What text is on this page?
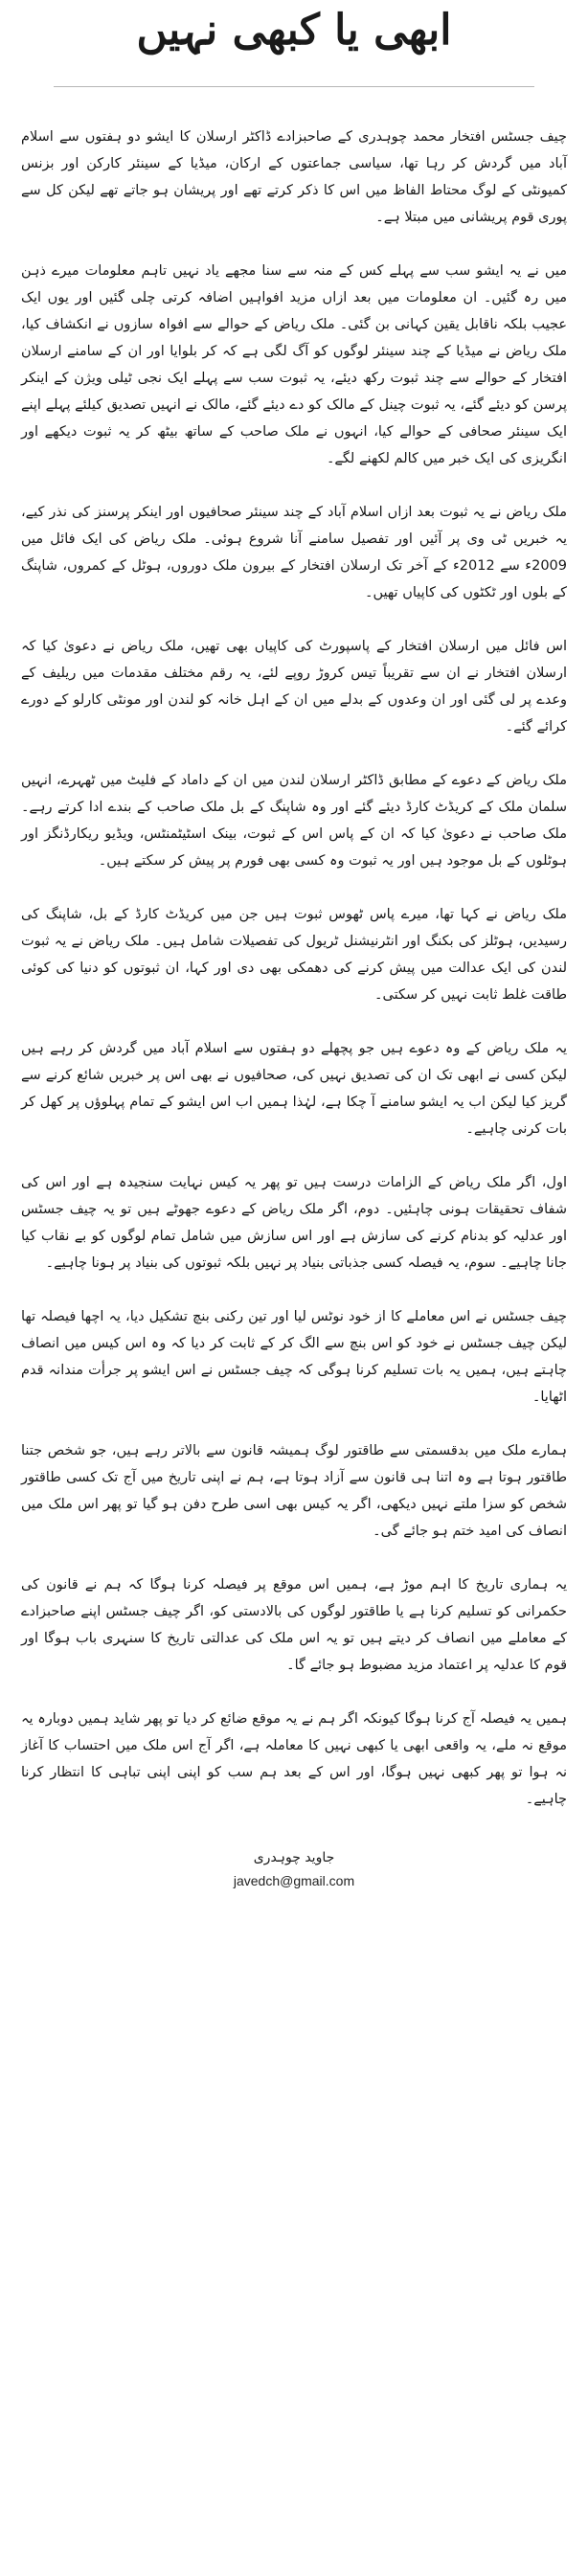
ابھی یا کبھی نہیں

چیف جسٹس افتخار محمد چوہدری کے صاحبزادے ڈاکٹر ارسلان کا ایشو دو ہفتوں سے اسلام آباد میں گردش کر رہا تھا، سیاسی جماعتوں کے ارکان، میڈیا کے سینئر کارکن اور بزنس کمیونٹی کے لوگ محتاط الفاظ میں اس کا ذکر کرتے تھے اور پریشان ہو جاتے تھے لیکن کل سے پوری قوم پریشانی میں مبتلا ہے۔

میں نے یہ ایشو سب سے پہلے کس کے منہ سے سنا مجھے یاد نہیں تاہم معلومات میرے ذہن میں رہ گئیں۔ ان معلومات میں بعد ازاں مزید افواہیں اضافہ کرتی چلی گئیں اور یوں ایک عجیب بلکہ ناقابل یقین کہانی بن گئی۔ ملک ریاض کے حوالے سے افواہ سازوں نے انکشاف کیا، ملک ریاض نے میڈیا کے چند سینئر لوگوں کو آگ لگی ہے کہ کر بلوایا اور ان کے سامنے ارسلان افتخار کے حوالے سے چند ثبوت رکھ دیئے، یہ ثبوت سب سے پہلے ایک نجی ٹیلی ویژن کے اینکر پرسن کو دیئے گئے، یہ ثبوت چینل کے مالک کو دے دیئے گئے، مالک نے انہیں تصدیق کیلئے پہلے اپنے ایک سینئر صحافی کے حوالے کیا، انہوں نے ملک صاحب کے ساتھ بیٹھ کر یہ ثبوت دیکھے اور انگریزی کی ایک خبر میں کالم لکھنے لگے۔

ملک ریاض نے یہ ثبوت بعد ازاں اسلام آباد کے چند سینئر صحافیوں اور اینکر پرسنز کی نذر کیے، یہ خبریں ٹی وی پر آئیں اور تفصیل سامنے آنا شروع ہوئی۔ ملک ریاض کی ایک فائل میں 2009ء سے 2012ء کے آخر تک ارسلان افتخار کے بیرون ملک دوروں، ہوٹل کے کمروں، شاپنگ کے بلوں اور ٹکٹوں کی کاپیاں تھیں۔

اس فائل میں ارسلان افتخار کے پاسپورٹ کی کاپیاں بھی تھیں، ملک ریاض نے دعویٰ کیا کہ ارسلان افتخار نے ان سے تقریباً تیس کروڑ روپے لئے، یہ رقم مختلف مقدمات میں ریلیف کے وعدے پر لی گئی اور ان وعدوں کے بدلے میں ان کے اہل خانہ کو لندن اور مونٹی کارلو کے دورے کرائے گئے۔

ملک ریاض کے دعوے کے مطابق ڈاکٹر ارسلان لندن میں ان کے داماد کے فلیٹ میں ٹھہرے، انہیں سلمان ملک کے کریڈٹ کارڈ دیئے گئے اور وہ شاپنگ کے بل ملک صاحب کے بندے ادا کرتے رہے۔ ملک صاحب نے دعویٰ کیا کہ ان کے پاس اس کے ثبوت، بینک اسٹیٹمنٹس، ویڈیو ریکارڈنگز اور ہوٹلوں کے بل موجود ہیں اور یہ ثبوت وہ کسی بھی فورم پر پیش کر سکتے ہیں۔

ملک ریاض نے کہا تھا، میرے پاس ٹھوس ثبوت ہیں جن میں کریڈٹ کارڈ کے بل، شاپنگ کی رسیدیں، ہوٹلز کی بکنگ اور انٹرنیشنل ٹریول کی تفصیلات شامل ہیں۔ ملک ریاض نے یہ ثبوت لندن کی ایک عدالت میں پیش کرنے کی دھمکی بھی دی اور کہا، ان ثبوتوں کو دنیا کی کوئی طاقت غلط ثابت نہیں کر سکتی۔

یہ ملک ریاض کے وہ دعوے ہیں جو پچھلے دو ہفتوں سے اسلام آباد میں گردش کر رہے ہیں لیکن کسی نے ابھی تک ان کی تصدیق نہیں کی، صحافیوں نے بھی اس پر خبریں شائع کرنے سے گریز کیا لیکن اب یہ ایشو سامنے آ چکا ہے، لہٰذا ہمیں اب اس ایشو کے تمام پہلوؤں پر کھل کر بات کرنی چاہیے۔

اول، اگر ملک ریاض کے الزامات درست ہیں تو پھر یہ کیس نہایت سنجیدہ ہے اور اس کی شفاف تحقیقات ہونی چاہئیں۔ دوم، اگر ملک ریاض کے دعوے جھوٹے ہیں تو یہ چیف جسٹس اور عدلیہ کو بدنام کرنے کی سازش ہے اور اس سازش میں شامل تمام لوگوں کو بے نقاب کیا جانا چاہیے۔ سوم، یہ فیصلہ کسی جذباتی بنیاد پر نہیں بلکہ ثبوتوں کی بنیاد پر ہونا چاہیے۔

چیف جسٹس نے اس معاملے کا از خود نوٹس لیا اور تین رکنی بنچ تشکیل دیا، یہ اچھا فیصلہ تھا لیکن چیف جسٹس نے خود کو اس بنچ سے الگ کر کے ثابت کر دیا کہ وہ اس کیس میں انصاف چاہتے ہیں، ہمیں یہ بات تسلیم کرنا ہوگی کہ چیف جسٹس نے اس ایشو پر جرأت مندانہ قدم اٹھایا۔

ہمارے ملک میں بدقسمتی سے طاقتور لوگ ہمیشہ قانون سے بالاتر رہے ہیں، جو شخص جتنا طاقتور ہوتا ہے وہ اتنا ہی قانون سے آزاد ہوتا ہے، ہم نے اپنی تاریخ میں آج تک کسی طاقتور شخص کو سزا ملتے نہیں دیکھی، اگر یہ کیس بھی اسی طرح دفن ہو گیا تو پھر اس ملک میں انصاف کی امید ختم ہو جائے گی۔

یہ ہماری تاریخ کا اہم موڑ ہے، ہمیں اس موقع پر فیصلہ کرنا ہوگا کہ ہم نے قانون کی حکمرانی کو تسلیم کرنا ہے یا طاقتور لوگوں کی بالادستی کو، اگر چیف جسٹس اپنے صاحبزادے کے معاملے میں انصاف کر دیتے ہیں تو یہ اس ملک کی عدالتی تاریخ کا سنہری باب ہوگا اور قوم کا عدلیہ پر اعتماد مزید مضبوط ہو جائے گا۔

ہمیں یہ فیصلہ آج کرنا ہوگا کیونکہ اگر ہم نے یہ موقع ضائع کر دیا تو پھر شاید ہمیں دوبارہ یہ موقع نہ ملے، یہ واقعی ابھی یا کبھی نہیں کا معاملہ ہے، اگر آج اس ملک میں احتساب کا آغاز نہ ہوا تو پھر کبھی نہیں ہوگا، اور اس کے بعد ہم سب کو اپنی اپنی تباہی کا انتظار کرنا چاہیے۔

جاوید چوہدری
javedch@gmail.com
